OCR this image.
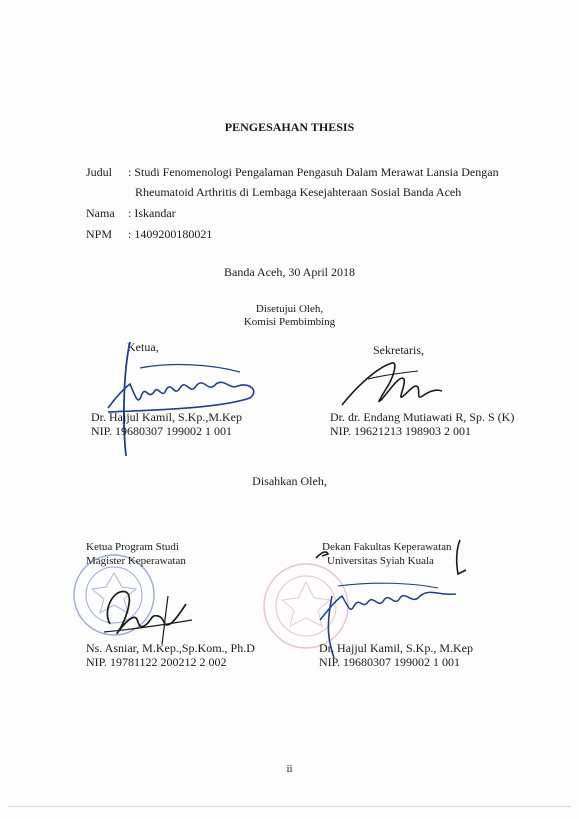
PENGESAHAN THESIS
Judul : Studi Fenomenologi Pengalaman Pengasuh Dalam Merawat Lansia Dengan
Rheumatoid Arthritis di Lembaga Kesejahteraan Sosial Banda Aceh
Nama : Iskandar
NPM : 1409200180021
Banda Aceh, 30 April 2018
Disetujui Oleh,
Komisi Pembimbing
Ketua,
Dr. Hajjul Kamil, S.Kp.,M.Kep
NIP. 19680307 199002 1 001
Sekretaris,
Dr. dr. Endang Mutiawati R, Sp. S (K)
NIP. 19621213 198903 2 001
Disahkan Oleh,
Ketua Program Studi
Magister Keperawatan
Ns. Asniar, M.Kep.,Sp.Kom., Ph.D
NIP. 19781122 200212 2 002
Dekan Fakultas Keperawatan
Universitas Syiah Kuala
Dr. Hajjul Kamil, S.Kp., M.Kep
NIP. 19680307 199002 1 001
ii
